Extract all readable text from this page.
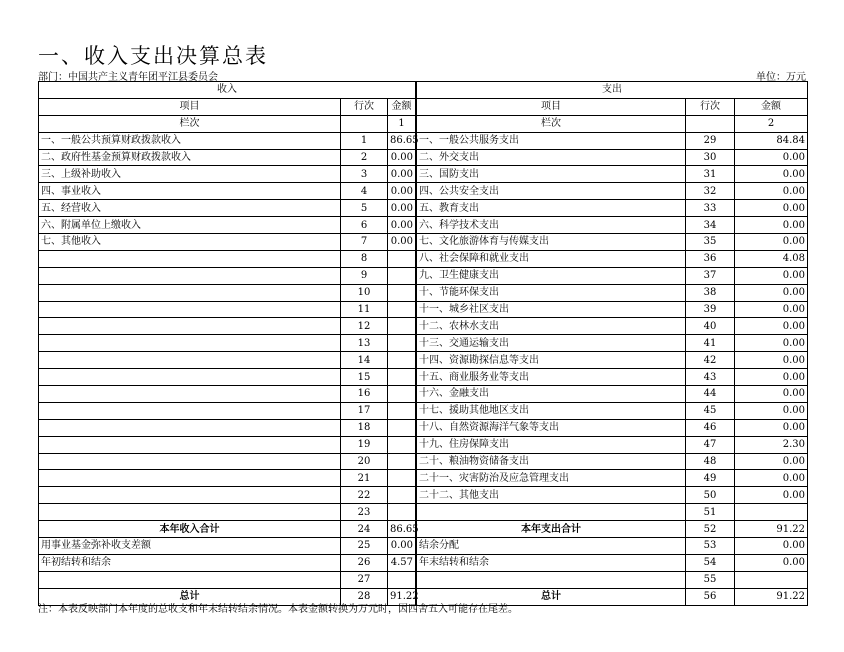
一、收入支出决算总表
部门：中国共产主义青年团平江县委员会	单位：万元
收入			支出		
项目	行次	金额		项目	行次	金额
栏次		1		栏次		2
一、一般公共预算财政拨款收入	1	86.65		一、一般公共服务支出	29	84.84
二、政府性基金预算财政拨款收入	2	0.00		二、外交支出	30	0.00
三、上级补助收入	3	0.00		三、国防支出	31	0.00
四、事业收入	4	0.00		四、公共安全支出	32	0.00
五、经营收入	5	0.00		五、教育支出	33	0.00
六、附属单位上缴收入	6	0.00		六、科学技术支出	34	0.00
七、其他收入	7	0.00		七、文化旅游体育与传媒支出	35	0.00
	8			八、社会保障和就业支出	36	4.08
	9			九、卫生健康支出	37	0.00
	10			十、节能环保支出	38	0.00
	11			十一、城乡社区支出	39	0.00
	12			十二、农林水支出	40	0.00
	13			十三、交通运输支出	41	0.00
	14			十四、资源勘探信息等支出	42	0.00
	15			十五、商业服务业等支出	43	0.00
	16			十六、金融支出	44	0.00
	17			十七、援助其他地区支出	45	0.00
	18			十八、自然资源海洋气象等支出	46	0.00
	19			十九、住房保障支出	47	2.30
	20			二十、粮油物资储备支出	48	0.00
	21			二十一、灾害防治及应急管理支出	49	0.00
	22			二十二、其他支出	50	0.00
	23				51	
本年收入合计	24	86.65		本年支出合计	52	91.22
用事业基金弥补收支差额	25	0.00		结余分配	53	0.00
年初结转和结余	26	4.57		年末结转和结余	54	0.00
	27				55	
总计	28	91.22		总计	56	91.22
注：本表反映部门本年度的总收支和年末结转结余情况。本表金额转换为万元时，因四舍五入可能存在尾差。
